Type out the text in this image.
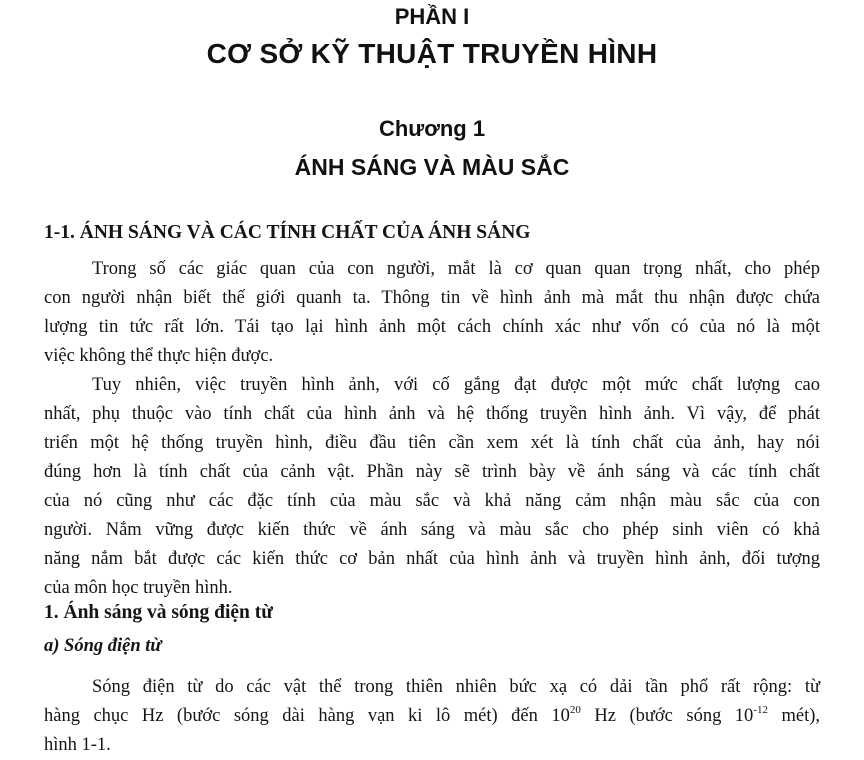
PHẦN I
CƠ SỞ KỸ THUẬT TRUYỀN HÌNH
Chương 1
ÁNH SÁNG VÀ MÀU SẮC
1-1. ÁNH SÁNG VÀ CÁC TÍNH CHẤT CỦA ÁNH SÁNG
Trong số các giác quan của con người, mắt là cơ quan quan trọng nhất, cho phép
con người nhận biết thế giới quanh ta. Thông tin về hình ảnh mà mắt thu nhận được chứa
lượng tin tức rất lớn. Tái tạo lại hình ảnh một cách chính xác như vốn có của nó là một
việc không thể thực hiện được.
Tuy nhiên, việc truyền hình ảnh, với cố gắng đạt được một mức chất lượng cao
nhất, phụ thuộc vào tính chất của hình ảnh và hệ thống truyền hình ảnh. Vì vậy, để phát
triển một hệ thống truyền hình, điều đầu tiên cần xem xét là tính chất của ảnh, hay nói
đúng hơn là tính chất của cảnh vật. Phần này sẽ trình bày về ánh sáng và các tính chất
của nó cũng như các đặc tính của màu sắc và khả năng cảm nhận màu sắc của con
người. Nắm vững được kiến thức về ánh sáng và màu sắc cho phép sinh viên có khả
năng nắm bắt được các kiến thức cơ bản nhất của hình ảnh và truyền hình ảnh, đối tượng
của môn học truyền hình.
1. Ánh sáng và sóng điện từ
a) Sóng điện từ
Sóng điện từ do các vật thể trong thiên nhiên bức xạ có dải tần phổ rất rộng: từ
hàng chục Hz (bước sóng dài hàng vạn ki lô mét) đến $10^{20}$ Hz (bước sóng $10^{-12}$ mét),
hình 1-1.
